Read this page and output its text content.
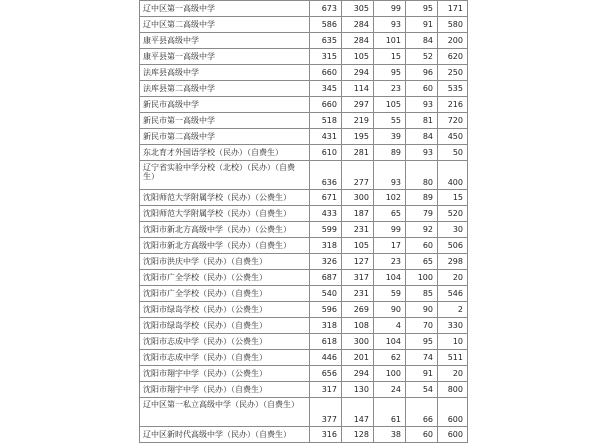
辽中区第一高级中学	673	305	99	95	171
辽中区第二高级中学	586	284	93	91	580
康平县高级中学	635	284	101	84	200
康平县第一高级中学	315	105	15	52	620
法库县高级中学	660	294	95	96	250
法库县第二高级中学	345	114	23	60	535
新民市高级中学	660	297	105	93	216
新民市第一高级中学	518	219	55	81	720
新民市第二高级中学	431	195	39	84	450
东北育才外国语学校（民办）（自费生）	610	281	89	93	50
辽宁省实验中学分校（北校）（民办）（自费生）	636	277	93	80	400
沈阳师范大学附属学校（民办）（公费生）	671	300	102	89	15
沈阳师范大学附属学校（民办）（自费生）	433	187	65	79	520
沈阳市新北方高级中学（民办）（公费生）	599	231	99	92	30
沈阳市新北方高级中学（民办）（自费生）	318	105	17	60	506
沈阳市洪庆中学（民办）（自费生）	326	127	23	65	298
沈阳市广全学校（民办）（公费生）	687	317	104	100	20
沈阳市广全学校（民办）（自费生）	540	231	59	85	546
沈阳市绿岛学校（民办）（公费生）	596	269	90	90	2
沈阳市绿岛学校（民办）（自费生）	318	108	4	70	330
沈阳市志成中学（民办）（公费生）	618	300	104	95	10
沈阳市志成中学（民办）（自费生）	446	201	62	74	511
沈阳市翔宇中学（民办）（公费生）	656	294	100	91	20
沈阳市翔宇中学（民办）（自费生）	317	130	24	54	800
辽中区第一私立高级中学（民办）（自费生）	377	147	61	66	600
辽中区新时代高级中学（民办）（自费生）	316	128	38	60	600
